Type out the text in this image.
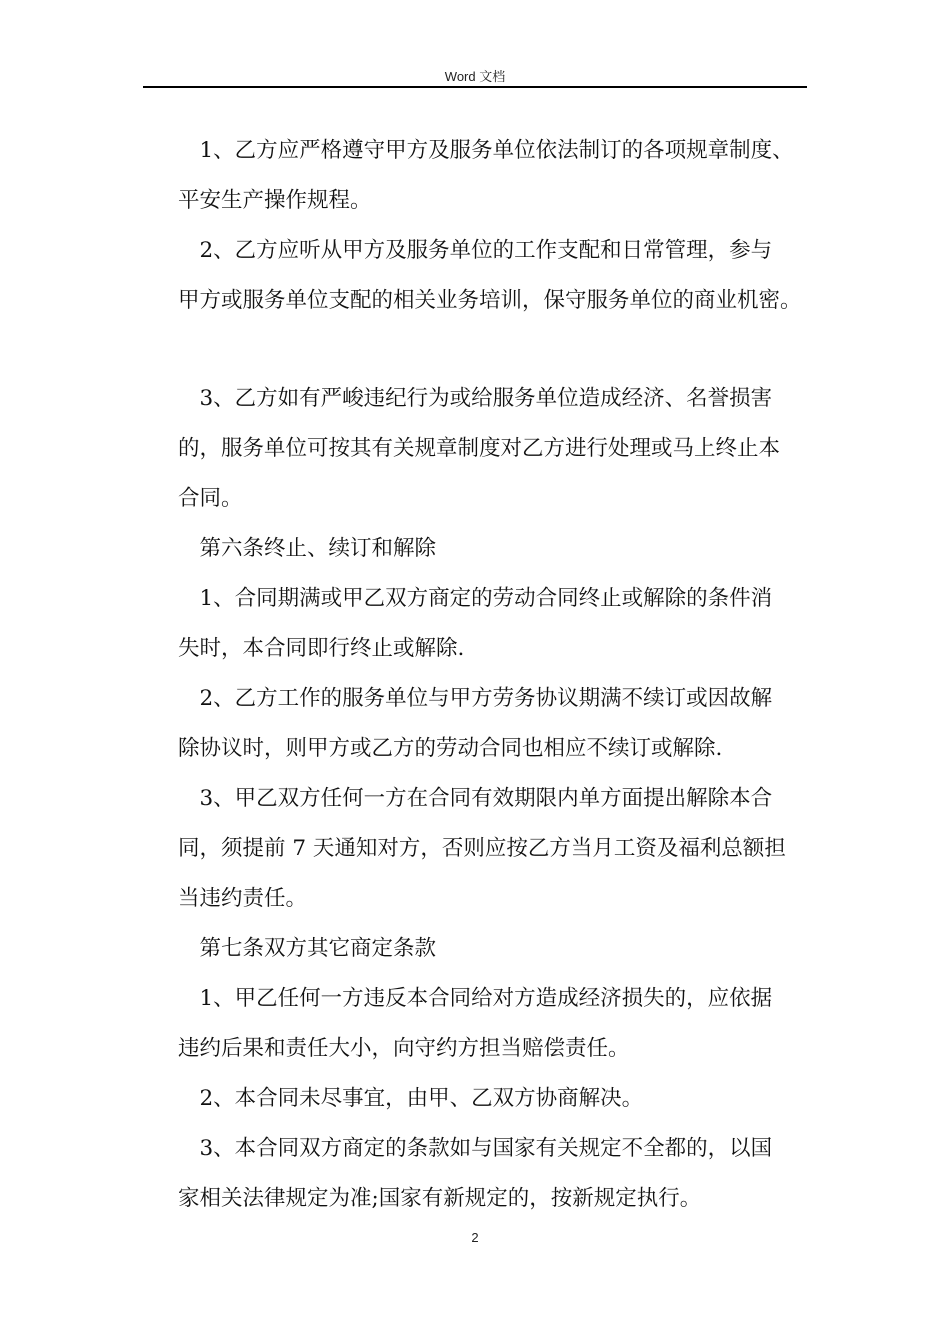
Word 文档

　1、乙方应严格遵守甲方及服务单位依法制订的各项规章制度、

平安生产操作规程。

　2、乙方应听从甲方及服务单位的工作支配和日常管理，参与

甲方或服务单位支配的相关业务培训，保守服务单位的商业机密。

　3、乙方如有严峻违纪行为或给服务单位造成经济、名誉损害

的，服务单位可按其有关规章制度对乙方进行处理或马上终止本

合同。

　第六条终止、续订和解除

　1、合同期满或甲乙双方商定的劳动合同终止或解除的条件消

失时，本合同即行终止或解除.

　2、乙方工作的服务单位与甲方劳务协议期满不续订或因故解

除协议时，则甲方或乙方的劳动合同也相应不续订或解除.

　3、甲乙双方任何一方在合同有效期限内单方面提出解除本合

同，须提前 7 天通知对方，否则应按乙方当月工资及福利总额担

当违约责任。

　第七条双方其它商定条款

　1、甲乙任何一方违反本合同给对方造成经济损失的，应依据

违约后果和责任大小，向守约方担当赔偿责任。

　2、本合同未尽事宜，由甲、乙双方协商解决。

　3、本合同双方商定的条款如与国家有关规定不全都的，以国

家相关法律规定为准;国家有新规定的，按新规定执行。

2
